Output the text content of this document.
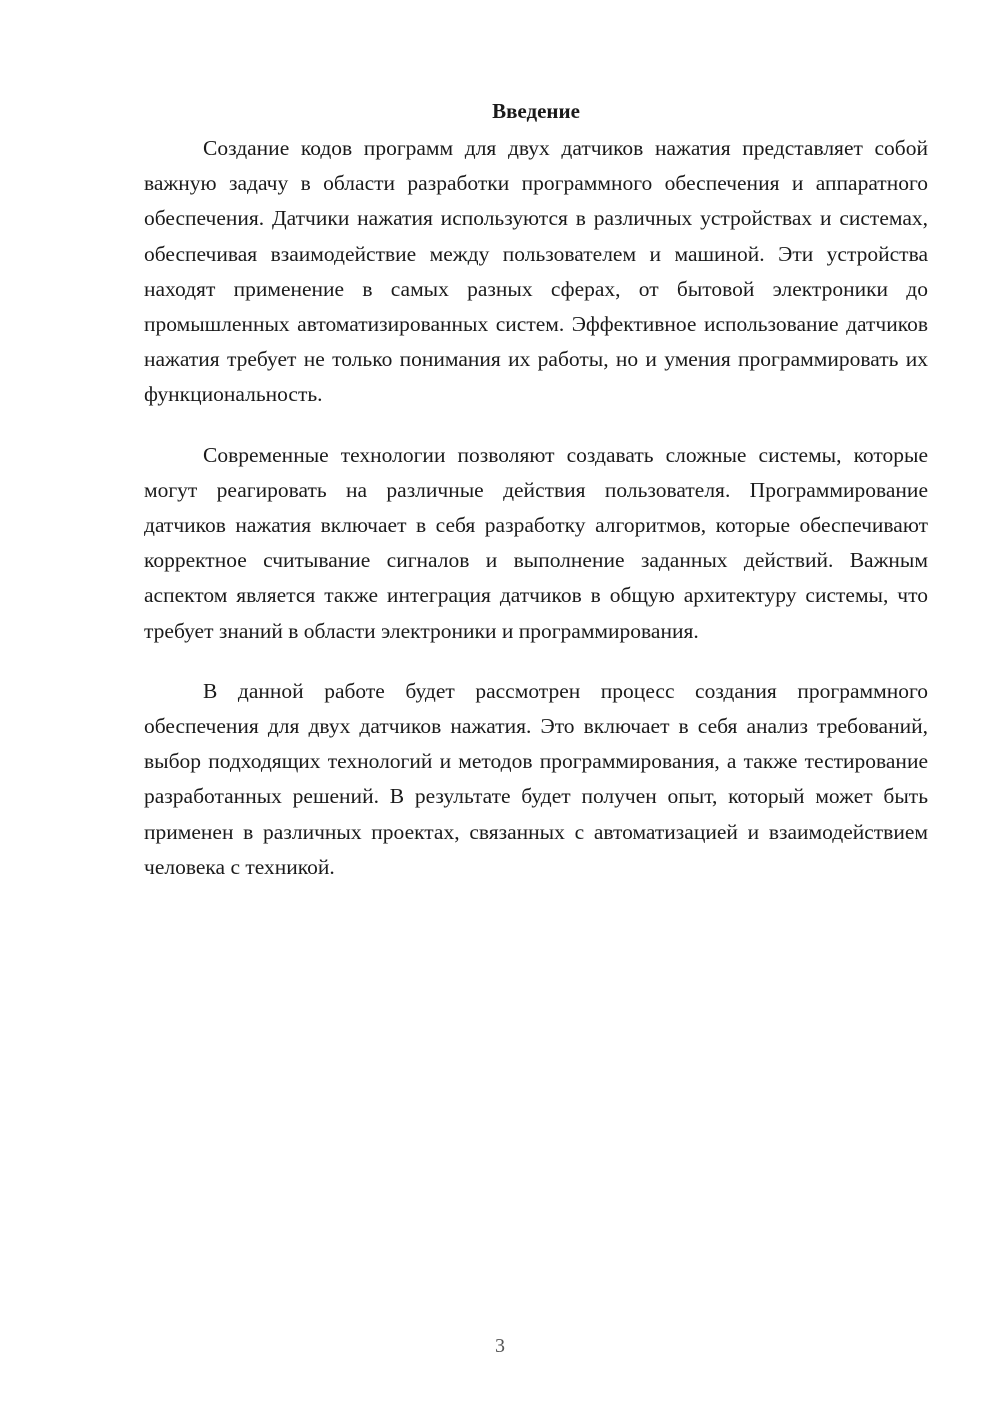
Введение

Создание кодов программ для двух датчиков нажатия представляет собой важную задачу в области разработки программного обеспечения и аппаратного обеспечения. Датчики нажатия используются в различных устройствах и системах, обеспечивая взаимодействие между пользователем и машиной. Эти устройства находят применение в самых разных сферах, от бытовой электроники до промышленных автоматизированных систем. Эффективное использование датчиков нажатия требует не только понимания их работы, но и умения программировать их функциональность.

Современные технологии позволяют создавать сложные системы, которые могут реагировать на различные действия пользователя. Программирование датчиков нажатия включает в себя разработку алгоритмов, которые обеспечивают корректное считывание сигналов и выполнение заданных действий. Важным аспектом является также интеграция датчиков в общую архитектуру системы, что требует знаний в области электроники и программирования.

В данной работе будет рассмотрен процесс создания программного обеспечения для двух датчиков нажатия. Это включает в себя анализ требований, выбор подходящих технологий и методов программирования, а также тестирование разработанных решений. В результате будет получен опыт, который может быть применен в различных проектах, связанных с автоматизацией и взаимодействием человека с техникой.

3
